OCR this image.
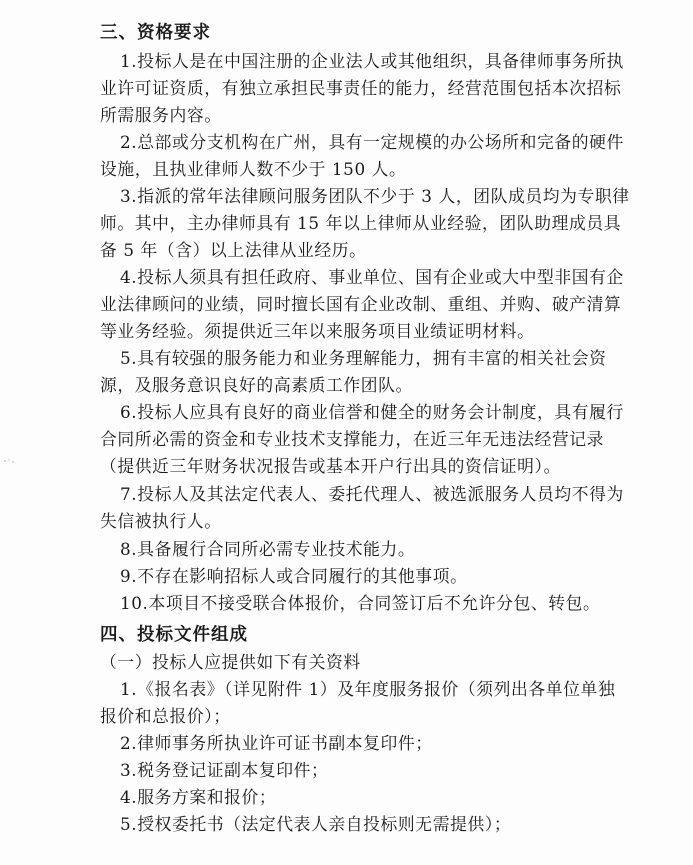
三、资格要求
1.投标人是在中国注册的企业法人或其他组织，具备律师事务所执
业许可证资质，有独立承担民事责任的能力，经营范围包括本次招标
所需服务内容。
2.总部或分支机构在广州，具有一定规模的办公场所和完备的硬件
设施，且执业律师人数不少于 150 人。
3.指派的常年法律顾问服务团队不少于 3 人，团队成员均为专职律
师。其中，主办律师具有 15 年以上律师从业经验，团队助理成员具
备 5 年（含）以上法律从业经历。
4.投标人须具有担任政府、事业单位、国有企业或大中型非国有企
业法律顾问的业绩，同时擅长国有企业改制、重组、并购、破产清算
等业务经验。须提供近三年以来服务项目业绩证明材料。
5.具有较强的服务能力和业务理解能力，拥有丰富的相关社会资
源，及服务意识良好的高素质工作团队。
6.投标人应具有良好的商业信誉和健全的财务会计制度，具有履行
合同所必需的资金和专业技术支撑能力，在近三年无违法经营记录
（提供近三年财务状况报告或基本开户行出具的资信证明）。
7.投标人及其法定代表人、委托代理人、被选派服务人员均不得为
失信被执行人。
8.具备履行合同所必需专业技术能力。
9.不存在影响招标人或合同履行的其他事项。
10.本项目不接受联合体报价，合同签订后不允许分包、转包。
四、投标文件组成
（一）投标人应提供如下有关资料
1.《报名表》（详见附件 1）及年度服务报价（须列出各单位单独
报价和总报价）；
2.律师事务所执业许可证书副本复印件；
3.税务登记证副本复印件；
4.服务方案和报价；
5.授权委托书（法定代表人亲自投标则无需提供）；
